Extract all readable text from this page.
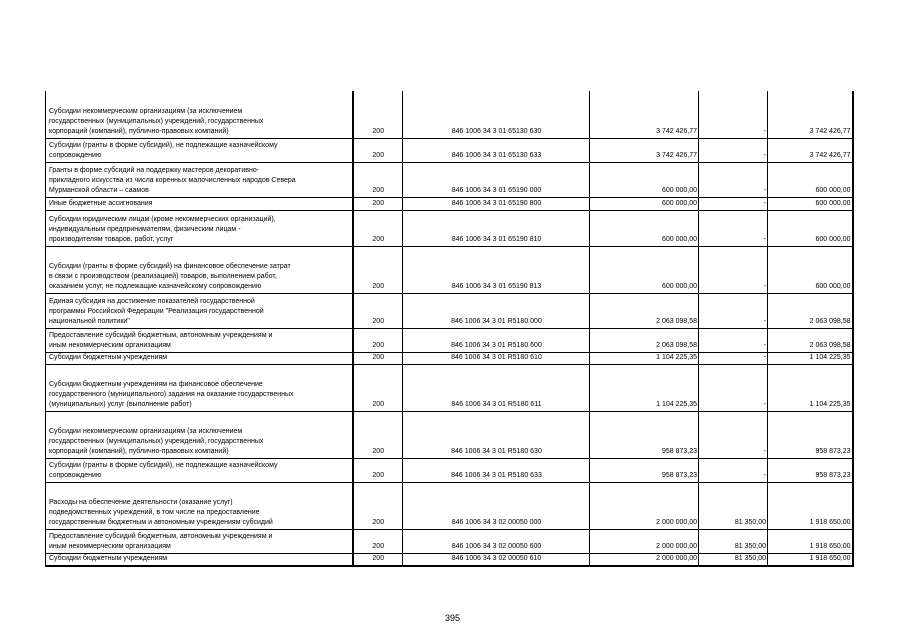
Субсидии некоммерческим организациям (за исключением
государственных (муниципальных) учреждений, государственных
корпораций (компаний), публично-правовых компаний)	200	846 1006 34 3 01 65130 630	3 742 426,77	-	3 742 426,77
Субсидии (гранты в форме субсидий), не подлежащие казначейскому
сопровождению	200	846 1006 34 3 01 65130 633	3 742 426,77	-	3 742 426,77
Гранты в форме субсидий на поддержку мастеров декоративно-
прикладного искусства из числа коренных малочисленных народов Севера
Мурманской области – саамов	200	846 1006 34 3 01 65190 000	600 000,00	-	600 000,00
Иные бюджетные ассигнования	200	846 1006 34 3 01 65190 800	600 000,00	-	600 000,00
Субсидии юридическим лицам (кроме некоммерческих организаций),
индивидуальным предпринимателям, физическим лицам -
производителям товаров, работ, услуг	200	846 1006 34 3 01 65190 810	600 000,00	-	600 000,00
Субсидии (гранты в форме субсидий) на финансовое обеспечение затрат
в связи с производством (реализацией) товаров, выполнением работ,
оказанием услуг, не подлежащие казначейскому сопровождению	200	846 1006 34 3 01 65190 813	600 000,00	-	600 000,00
Единая субсидия на достижение показателей государственной
программы Российской Федерации "Реализация государственной
национальной политики"	200	846 1006 34 3 01 R5180 000	2 063 098,58	-	2 063 098,58
Предоставление субсидий бюджетным, автономным учреждениям и
иным некоммерческим организациям	200	846 1006 34 3 01 R5180 600	2 063 098,58	-	2 063 098,58
Субсидии бюджетным учреждениям	200	846 1006 34 3 01 R5180 610	1 104 225,35	-	1 104 225,35
Субсидии бюджетным учреждениям на финансовое обеспечение
государственного (муниципального) задания на оказание государственных
(муниципальных) услуг (выполнение работ)	200	846 1006 34 3 01 R5180 611	1 104 225,35	-	1 104 225,35
Субсидии некоммерческим организациям (за исключением
государственных (муниципальных) учреждений, государственных
корпораций (компаний), публично-правовых компаний)	200	846 1006 34 3 01 R5180 630	958 873,23	-	958 873,23
Субсидии (гранты в форме субсидий), не подлежащие казначейскому
сопровождению	200	846 1006 34 3 01 R5180 633	958 873,23	-	958 873,23
Расходы на обеспечение деятельности (оказание услуг)
подведомственных учреждений, в том числе на предоставление
государственным бюджетным и автономным учреждениям субсидий	200	846 1006 34 3 02 00050 000	2 000 000,00	81 350,00	1 918 650,00
Предоставление субсидий бюджетным, автономным учреждениям и
иным некоммерческим организациям	200	846 1006 34 3 02 00050 600	2 000 000,00	81 350,00	1 918 650,00
Субсидии бюджетным учреждениям	200	846 1006 34 3 02 00050 610	2 000 000,00	81 350,00	1 918 650,00
395
